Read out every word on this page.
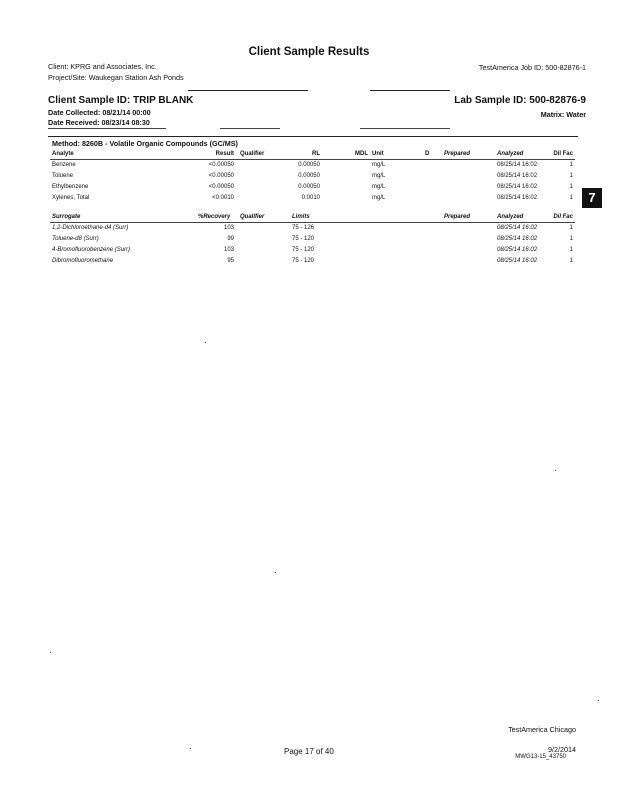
Client Sample Results
Client: KPRG and Associates, Inc.
Project/Site: Waukegan Station Ash Ponds
TestAmerica Job ID: 500-82876-1
Client Sample ID: TRIP BLANK	Lab Sample ID: 500-82876-9
Date Collected: 08/21/14 00:00	Matrix: Water
Date Received: 08/23/14 08:30
Method: 8260B - Volatile Organic Compounds (GC/MS)
Analyte	Result Qualifier	RL	MDL Unit	D Prepared	Analyzed	Dil Fac
Benzene	<0.00050	0.00050	mg/L	08/25/14 16:02	1
Toluene	<0.00050	0.00050	mg/L	08/25/14 16:02	1
Ethylbenzene	<0.00050	0.00050	mg/L	08/25/14 16:02	1
Xylenes, Total	<0.0010	0.0010	mg/L	08/25/14 16:02	1
Surrogate	%Recovery Qualifier	Limits	Prepared	Analyzed	Dil Fac
1,2-Dichloroethane-d4 (Surr)	103	75 - 126	08/25/14 16:02	1
Toluene-d8 (Surr)	99	75 - 120	08/25/14 16:02	1
4-Bromofluorobenzene (Surr)	103	75 - 120	08/25/14 16:02	1
Dibromofluoromethane	95	75 - 120	08/25/14 16:02	1
7
TestAmerica Chicago
Page 17 of 40	9/2/2014
MWG13-15_43750
